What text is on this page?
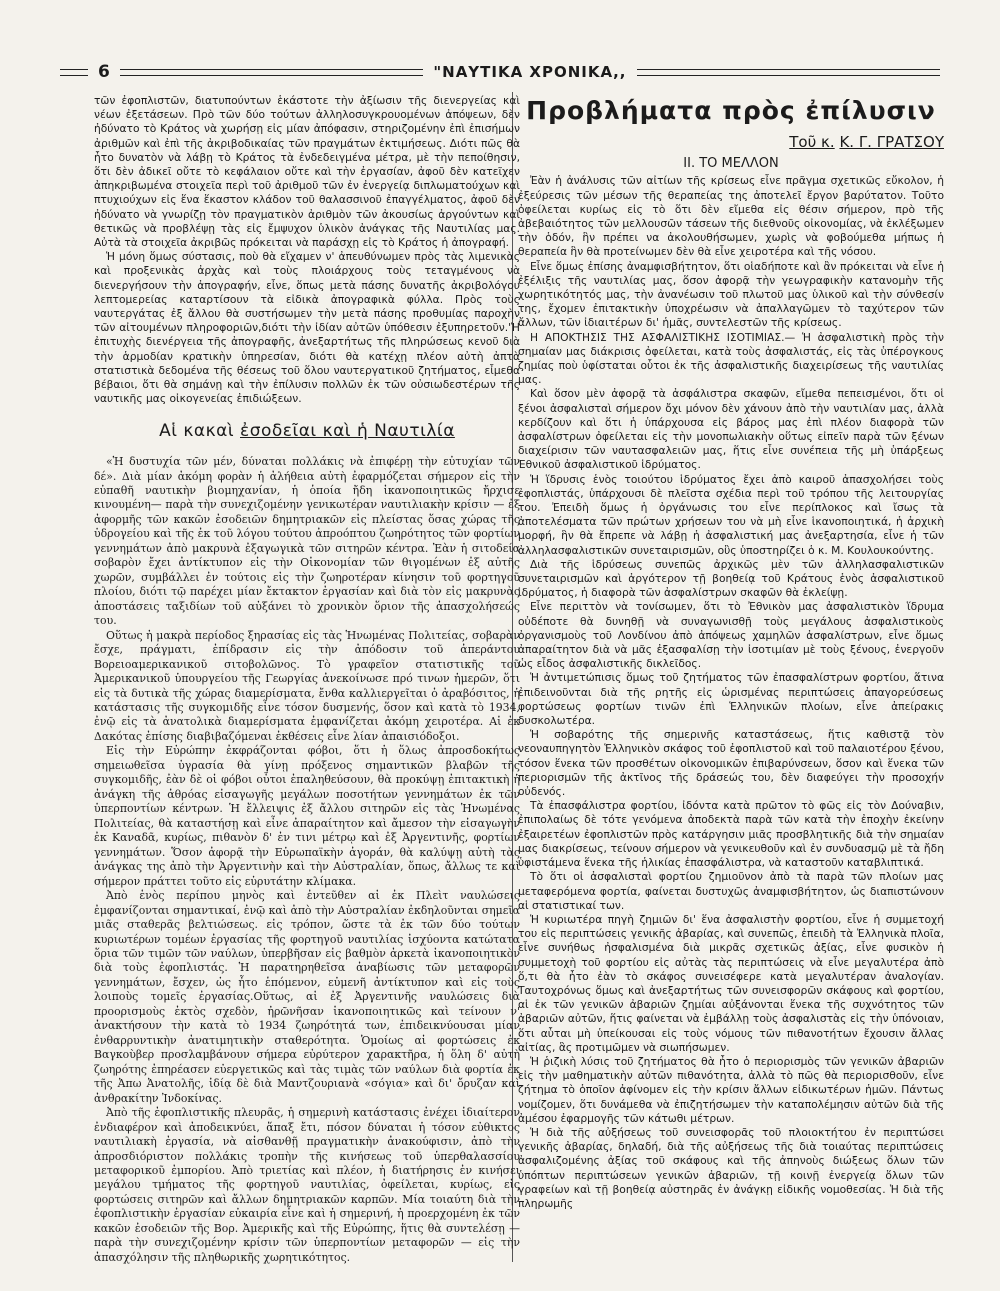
6	"ΝΑΥΤΙΚΑ ΧΡΟΝΙΚΑ,,

τῶν ἐφοπλιστῶν, διατυπούντων ἑκάστοτε τὴν ἀξίωσιν τῆς διενεργείας καὶ νέων ἐξετάσεων. Πρὸ τῶν δύο τούτων ἀλληλοσυγκρουομένων ἀπόψεων, δὲν ἠδύνατο τὸ Κράτος νὰ χωρήσῃ εἰς μίαν ἀπόφασιν, στηριζομένην ἐπὶ ἐπισήμων ἀριθμῶν καὶ ἐπὶ τῆς ἀκριβοδικαίας τῶν πραγμάτων ἐκτιμήσεως. Διότι πῶς θὰ ἦτο δυνατὸν νὰ λάβῃ τὸ Κράτος τὰ ἐνδεδειγμένα μέτρα, μὲ τὴν πεποίθησιν, ὅτι δὲν ἀδικεῖ οὔτε τὸ κεφάλαιον οὔτε καὶ τὴν ἐργασίαν, ἀφοῦ δὲν κατεῖχεν ἀπηκριβωμένα στοιχεῖα περὶ τοῦ ἀριθμοῦ τῶν ἐν ἐνεργείᾳ διπλωματούχων καὶ πτυχιούχων εἰς ἕνα ἕκαστον κλάδον τοῦ θαλασσινοῦ ἐπαγγέλματος, ἀφοῦ δὲν ἠδύνατο νὰ γνωρίζῃ τὸν πραγματικὸν ἀριθμὸν τῶν ἀκουσίως ἀργούντων καὶ θετικῶς νὰ προβλέψῃ τὰς εἰς ἔμψυχον ὑλικὸν ἀνάγκας τῆς Ναυτιλίας μας. Αὐτὰ τὰ στοιχεῖα ἀκριβῶς πρόκειται νὰ παράσχῃ εἰς τὸ Κράτος ἡ ἀπογραφή.

Ἡ μόνη ὅμως σύστασις, ποὺ θὰ εἴχαμεν ν' ἀπευθύνωμεν πρὸς τὰς λιμενικὰς καὶ προξενικὰς ἀρχὰς καὶ τοὺς πλοιάρχους τοὺς τεταγμένους νὰ διενεργήσουν τὴν ἀπογραφήν, εἶνε, ὅπως μετὰ πάσης δυνατῆς ἀκριβολόγου λεπτομερείας καταρτίσουν τὰ εἰδικὰ ἀπογραφικὰ φύλλα. Πρὸς τοὺς ναυτεργάτας ἐξ ἄλλου θὰ συστήσωμεν τὴν μετὰ πάσης προθυμίας παροχὴν τῶν αἰτουμένων πληροφοριῶν,διότι τὴν ἰδίαν αὐτῶν ὑπόθεσιν ἐξυπηρετοῦν.'Ἡ ἐπιτυχὴς διενέργεια τῆς ἀπογραφῆς, ἀνεξαρτήτως τῆς πληρώσεως κενοῦ διὰ τὴν ἁρμοδίαν κρατικὴν ὑπηρεσίαν, διότι θὰ κατέχῃ πλέον αὐτὴ ἀπτὰ στατιστικὰ δεδομένα τῆς θέσεως τοῦ ὅλου ναυτεργατικοῦ ζητήματος, εἶμεθα βέβαιοι, ὅτι θὰ σημάνῃ καὶ τὴν ἐπίλυσιν πολλῶν ἐκ τῶν οὐσιωδεστέρων τῆς ναυτικῆς μας οἰκογενείας ἐπιδιώξεων.

Αἱ κακαὶ ἐσοδεῖαι καὶ ἡ Ναυτιλία

«Ἡ δυστυχία τῶν μέν, δύναται πολλάκις νὰ ἐπιφέρῃ τὴν εὐτυχίαν τῶν δέ». Διὰ μίαν ἀκόμη φορὰν ἡ ἀλήθεια αὐτὴ ἐφαρμόζεται σήμερον εἰς τὴν εὐπαθῆ ναυτικὴν βιομηχανίαν, ἡ ὁποία ἤδη ἱκανοποιητικῶς ἤρχισε κινουμένη— παρὰ τὴν συνεχιζομένην γενικωτέραν ναυτιλιακὴν κρίσιν — ἐξ ἀφορμῆς τῶν κακῶν ἐσοδειῶν δημητριακῶν εἰς πλείστας ὅσας χώρας τῆς ὑδρογείου καὶ τῆς ἐκ τοῦ λόγου τούτου ἀπροόπτου ζωηρότητος τῶν φορτίων γεννημάτων ἀπὸ μακρυνὰ ἐξαγωγικὰ τῶν σιτηρῶν κέντρα. Ἐὰν ἡ σιτοδεία σοβαρὸν ἔχει ἀντίκτυπον εἰς τὴν Οἰκονομίαν τῶν θιγομένων ἐξ αὐτῆς χωρῶν, συμβάλλει ἐν τούτοις εἰς τὴν ζωηροτέραν κίνησιν τοῦ φορτηγοῦ πλοίου, διότι τῷ παρέχει μίαν ἔκτακτον ἐργασίαν καὶ διὰ τὸν εἰς μακρυνὰς ἀποστάσεις ταξιδίων τοῦ αὐξάνει τὸ χρονικὸν ὅριον τῆς ἀπασχολήσεώς του.

Οὕτως ἡ μακρὰ περίοδος ξηρασίας εἰς τὰς Ἡνωμένας Πολιτείας, σοβαρὰν ἔσχε, πράγματι, ἐπίδρασιν εἰς τὴν ἀπόδοσιν τοῦ ἀπεράντου Βορειοαμερικανικοῦ σιτοβολῶνος. Τὸ γραφεῖον στατιστικῆς τοῦ Ἀμερικανικοῦ ὑπουργείου τῆς Γεωργίας ἀνεκοίνωσε πρό τινων ἡμερῶν, ὅτι εἰς τὰ δυτικὰ τῆς χώρας διαμερίσματα, ἔνθα καλλιεργεῖται ὁ ἀραβόσιτος, ἡ κατάστασις τῆς συγκομιδῆς εἶνε τόσον δυσμενής, ὅσον καὶ κατὰ τὸ 1934, ἐνῷ εἰς τὰ ἀνατολικὰ διαμερίσματα ἐμφανίζεται ἀκόμη χειροτέρα. Αἱ ἐκ Δακότας ἐπίσης διαβιβαζόμεναι ἐκθέσεις εἶνε λίαν ἀπαισιόδοξοι.

Εἰς τὴν Εὐρώπην ἐκφράζονται φόβοι, ὅτι ἡ ὅλως ἀπροσδοκήτως σημειωθεῖσα ὑγρασία θὰ γίνῃ πρόξενος σημαντικῶν βλαβῶν τῆς συγκομιδῆς, ἐὰν δὲ οἱ φόβοι οὗτοι ἐπαληθεύσουν, θὰ προκύψῃ ἐπιτακτικὴ ἡ ἀνάγκη τῆς ἀθρόας εἰσαγωγῆς μεγάλων ποσοτήτων γεννημάτων ἐκ τῶν ὑπερποντίων κέντρων. Ἡ ἔλλειψις ἐξ ἄλλου σιτηρῶν εἰς τὰς Ἡνωμένας Πολιτείας, θὰ καταστήσῃ καὶ εἶνε ἀπαραίτητον καὶ ἄμεσον τὴν εἰσαγωγὴν ἐκ Καναδᾶ, κυρίως, πιθανὸν δ' ἐν τινι μέτρῳ καὶ ἐξ Ἀργεντινῆς, φορτίων γεννημάτων. Ὅσον ἀφορᾷ τὴν Εὐρωπαϊκὴν ἀγοράν, θὰ καλύψῃ αὐτὴ τὰς ἀνάγκας της ἀπὸ τὴν Ἀργεντινὴν καὶ τὴν Αὐστραλίαν, ὅπως, ἄλλως τε καὶ σήμερον πράττει τοῦτο εἰς εὐρυτάτην κλίμακα.

Ἀπὸ ἑνὸς περίπου μηνὸς καὶ ἐντεῦθεν αἱ ἐκ Πλεὶτ ναυλώσεις ἐμφανίζονται σημαντικαί, ἐνῷ καὶ ἀπὸ τὴν Αὐστραλίαν ἐκδηλοῦνται σημεῖα μιᾶς σταθερᾶς βελτιώσεως. εἰς τρόπον, ὥστε τὰ ἐκ τῶν δύο τούτων κυριωτέρων τομέων ἐργασίας τῆς φορτηγοῦ ναυτιλίας ἰσχύοντα κατώτατα ὅρια τῶν τιμῶν τῶν ναύλων, ὑπερβῆσαν εἰς βαθμὸν ἀρκετὰ ἱκανοποιητικὸν διὰ τοὺς ἐφοπλιστάς. Ἡ παρατηρηθεῖσα ἀναβίωσις τῶν μεταφορῶν γεννημάτων, ἔσχεν, ὡς ἦτο ἑπόμενον, εὐμενῆ ἀντίκτυπον καὶ εἰς τοὺς λοιποὺς τομεῖς ἐργασίας.Οὕτως, αἱ ἐξ Ἀργεντινῆς ναυλώσεις διὰ προορισμοὺς ἐκτὸς σχεδὸν, ἠρῶνῆσαν ἱκανοποιητικῶς καὶ τείνουν ν' ἀνακτήσουν τὴν κατὰ τὸ 1934 ζωηρότητά των, ἐπιδεικνύουσαι μίαν ἐνθαρρυντικὴν ἀνατιμητικὴν σταθερότητα. Ὁμοίως αἱ φορτώσεις ἐκ Βαγκοὺβερ προσλαμβάνουν σήμερα εὐρύτερον χαρακτῆρα, ἡ ὅλη δ' αὐτὴ ζωηρότης ἐπηρέασεν εὐεργετικῶς καὶ τὰς τιμὰς τῶν ναύλων διὰ φορτία ἐκ τῆς Ἀπω Ἀνατολῆς, ἰδίᾳ δὲ διὰ Μαντζουριανὰ «σόγια» καὶ δι' ὄρυζαν καὶ ἀνθρακίτην Ἰνδοκίνας.

Ἀπὸ τῆς ἐφοπλιστικῆς πλευρᾶς, ἡ σημερινὴ κατάστασις ἐνέχει ἰδιαίτερον ἐνδιαφέρον καὶ ἀποδεικνύει, ἅπαξ ἔτι, πόσον δύναται ἡ τόσον εὐθικτος ναυτιλιακὴ ἐργασία, νὰ αἰσθανθῇ πραγματικὴν ἀνακούφισιν, ἀπὸ τὴν ἀπροσδιόριστον πολλάκις τροπὴν τῆς κινήσεως τοῦ ὑπερθαλασσίου μεταφορικοῦ ἐμπορίου. Ἀπὸ τριετίας καὶ πλέον, ἡ διατήρησις ἐν κινήσει μεγάλου τμήματος τῆς φορτηγοῦ ναυτιλίας, ὀφείλεται, κυρίως, εἰς φορτώσεις σιτηρῶν καὶ ἄλλων δημητριακῶν καρπῶν. Μία τοιαύτη διὰ τὴν ἐφοπλιστικὴν ἐργασίαν εὐκαιρία εἶνε καὶ ἡ σημερινή, ἡ προερχομένη ἐκ τῶν κακῶν ἐσοδειῶν τῆς Βορ. Ἀμερικῆς καὶ τῆς Εὐρώπης, ἥτις θὰ συντελέσῃ — παρὰ τὴν συνεχιζομένην κρίσιν τῶν ὑπερποντίων μεταφορῶν — εἰς τὴν ἀπασχόλησιν τῆς πληθωρικῆς χωρητικότητος.

Προβλήματα πρὸς ἐπίλυσιν
Τοῦ κ. Κ. Γ. ΓΡΑΤΣΟΥ
ΙΙ. ΤΟ ΜΕΛΛΟΝ

Ἐὰν ἡ ἀνάλυσις τῶν αἰτίων τῆς κρίσεως εἶνε πρᾶγμα σχετικῶς εὔκολον, ἡ ἐξεύρεσις τῶν μέσων τῆς θεραπείας της ἀποτελεῖ ἔργον βαρύτατον. Τοῦτο ὀφείλεται κυρίως εἰς τὸ ὅτι δὲν εἴμεθα εἰς θέσιν σήμερον, πρὸ τῆς ἀβεβαιότητος τῶν μελλουσῶν τάσεων τῆς διεθνοῦς οἰκονομίας, νὰ ἐκλέξωμεν τὴν ὁδόν, ἣν πρέπει να ἀκολουθήσωμεν, χωρὶς νὰ φοβούμεθα μήπως ἡ θεραπεία ἣν θὰ προτείνωμεν δὲν θὰ εἶνε χειροτέρα καὶ τῆς νόσου.

Εἶνε ὅμως ἐπίσης ἀναμφισβήτητον, ὅτι οἱαδήποτε καὶ ἂν πρόκειται νὰ εἶνε ἡ ἐξέλιξις τῆς ναυτιλίας μας, ὅσον ἀφορᾷ τὴν γεωγραφικὴν κατανομὴν τῆς χωρητικότητός μας, τὴν ἀνανέωσιν τοῦ πλωτοῦ μας ὑλικοῦ καὶ τὴν σύνθεσίν της, ἔχομεν ἐπιτακτικὴν ὑποχρέωσιν νὰ ἀπαλλαγῶμεν τὸ ταχύτερον τῶν ἄλλων, τῶν ἰδιαιτέρων δι' ἡμᾶς, συντελεστῶν τῆς κρίσεως.

Η ΑΠΟΚΤΗΣΙΣ ΤΗΣ ΑΣΦΑΛΙΣΤΙΚΗΣ ΙΣΟΤΙΜΙΑΣ.— Ἡ ἀσφαλιστικὴ πρὸς τὴν σημαίαν μας διάκρισις ὀφείλεται, κατὰ τοὺς ἀσφαλιστάς, εἰς τὰς ὑπέρογκους ζημίας ποὺ ὑφίσταται οὗτοι ἐκ τῆς ἀσφαλιστικῆς διαχειρίσεως τῆς ναυτιλίας μας.

Καὶ ὅσον μὲν ἀφορᾷ τὰ ἀσφάλιστρα σκαφῶν, εἴμεθα πεπεισμένοι, ὅτι οἱ ξένοι ἀσφαλισταὶ σήμερον ὄχι μόνον δὲν χάνουν ἀπὸ τὴν ναυτιλίαν μας, ἀλλὰ κερδίζουν καὶ ὅτι ἡ ὑπάρχουσα εἰς βάρος μας ἐπὶ πλέον διαφορὰ τῶν ἀσφαλίστρων ὀφείλεται εἰς τὴν μονοπωλιακὴν οὕτως εἰπεῖν παρὰ τῶν ξένων διαχείρισιν τῶν ναυτασφαλειῶν μας, ἥτις εἶνε συνέπεια τῆς μὴ ὑπάρξεως Ἐθνικοῦ ἀσφαλιστικοῦ ἱδρύματος.

Ἡ ἵδρυσις ἑνὸς τοιούτου ἱδρύματος ἔχει ἀπὸ καιροῦ ἀπασχολήσει τοὺς ἐφοπλιστάς, ὑπάρχουσι δὲ πλεῖστα σχέδια περὶ τοῦ τρόπου τῆς λειτουργίας του. Ἐπειδὴ ὅμως ἡ ὀργάνωσις του εἶνε περίπλοκος καὶ ἴσως τὰ ἀποτελέσματα τῶν πρώτων χρήσεων του νὰ μὴ εἶνε ἱκανοποιητικά, ἡ ἀρχικὴ μορφή, ἣν θὰ ἔπρεπε νὰ λάβῃ ἡ ἀσφαλιστική μας ἀνεξαρτησία, εἶνε ἡ τῶν ἀλληλασφαλιστικῶν συνεταιρισμῶν, οὓς ὑποστηρίζει ὁ κ. Μ. Κουλουκούντης.

Διὰ τῆς ἱδρύσεως συνεπῶς ἀρχικῶς μὲν τῶν ἀλληλασφαλιστικῶν συνεταιρισμῶν καὶ ἀργότερον τῇ βοηθείᾳ τοῦ Κράτους ἑνὸς ἀσφαλιστικοῦ ἱδρύματος, ἡ διαφορὰ τῶν ἀσφαλίστρων σκαφῶν θὰ ἐκλείψῃ.

Εἶνε περιττὸν νὰ τονίσωμεν, ὅτι τὸ Ἐθνικὸν μας ἀσφαλιστικὸν ἵδρυμα οὐδέποτε θὰ δυνηθῇ νὰ συναγωνισθῇ τοὺς μεγάλους ἀσφαλιστικοὺς ὀργανισμοὺς τοῦ Λονδίνου ἀπὸ ἀπόψεως χαμηλῶν ἀσφαλίστρων, εἶνε ὅμως ἀπαραίτητον διὰ νὰ μᾶς ἐξασφαλίσῃ τὴν ἰσοτιμίαν μὲ τοὺς ξένους, ἐνεργοῦν ὡς εἶδος ἀσφαλιστικῆς δικλεῖδος.

Ἡ ἀντιμετώπισις ὅμως τοῦ ζητήματος τῶν ἐπασφαλίστρων φορτίου, ἅτινα ἐπιδεινοῦνται διὰ τῆς ρητῆς εἰς ὡρισμένας περιπτώσεις ἀπαγορεύσεως φορτώσεως φορτίων τινῶν ἐπὶ Ἑλληνικῶν πλοίων, εἶνε ἀπείρακις δυσκολωτέρα.

Ἡ σοβαρότης τῆς σημερινῆς καταστάσεως, ἥτις καθιστᾷ τὸν νεοναυπηγητὸν Ἑλληνικὸν σκάφος τοῦ ἐφοπλιστοῦ καὶ τοῦ παλαιοτέρου ξένου, τόσον ἕνεκα τῶν προσθέτων οἰκονομικῶν ἐπιβαρύνσεων, ὅσον καὶ ἕνεκα τῶν περιορισμῶν τῆς ἀκτῖνος τῆς δράσεώς του, δὲν διαφεύγει τὴν προσοχήν οὐδενός.

Τὰ ἐπασφάλιστρα φορτίου, ἰδόντα κατὰ πρῶτον τὸ φῶς εἰς τὸν Δούναβιν, ἐπιπολαίως δὲ τότε γενόμενα ἀποδεκτὰ παρὰ τῶν κατὰ τὴν ἐποχὴν ἐκείνην ἐξαιρετέων ἐφοπλιστῶν πρὸς κατάργησιν μιᾶς προσβλητικῆς διὰ τὴν σημαίαν μας διακρίσεως, τείνουν σήμερον νὰ γενικευθοῦν καὶ ἐν συνδυασμῷ μὲ τὰ ἤδη ὑφιστάμενα ἕνεκα τῆς ἡλικίας ἐπασφάλιστρα, νὰ καταστοῦν καταβλιπτικά.

Τὸ ὅτι οἱ ἀσφαλισταὶ φορτίου ζημιοῦνον ἀπὸ τὰ παρὰ τῶν πλοίων μας μεταφερόμενα φορτία, φαίνεται δυστυχῶς ἀναμφισβήτητον, ὡς διαπιστώνουν αἱ στατιστικαί των.

Ἡ κυριωτέρα πηγὴ ζημιῶν δι' ἕνα ἀσφαλιστὴν φορτίου, εἶνε ἡ συμμετοχή του εἰς περιπτώσεις γενικῆς ἀβαρίας, καὶ συνεπῶς, ἐπειδὴ τὰ Ἑλληνικὰ πλοῖα, εἶνε συνήθως ἠσφαλισμένα διὰ μικρᾶς σχετικῶς ἀξίας, εἶνε φυσικὸν ἡ συμμετοχὴ τοῦ φορτίου εἰς αὐτὰς τὰς περιπτώσεις νὰ εἶνε μεγαλυτέρα ἀπὸ ὅ,τι θὰ ἦτο ἐὰν τὸ σκάφος συνεισέφερε κατὰ μεγαλυτέραν ἀναλογίαν. Ταυτοχρόνως ὅμως καὶ ἀνεξαρτήτως τῶν συνεισφορῶν σκάφους καὶ φορτίου, αἱ ἐκ τῶν γενικῶν ἀβαριῶν ζημίαι αὐξάνονται ἕνεκα τῆς συχνότητος τῶν ἀβαριῶν αὐτῶν, ἥτις φαίνεται νὰ ἐμβάλλῃ τοὺς ἀσφαλιστὰς εἰς τὴν ὑπόνοιαν, ὅτι αὗται μὴ ὑπείκουσαι εἰς τοὺς νόμους τῶν πιθανοτήτων ἔχουσιν ἄλλας αἰτίας, ἃς προτιμῶμεν νὰ σιωπήσωμεν.

Ἡ ῥιζικὴ λύσις τοῦ ζητήματος θὰ ἦτο ὁ περιορισμὸς τῶν γενικῶν ἀβαριῶν εἰς τὴν μαθηματικὴν αὐτῶν πιθανότητα, ἀλλὰ τὸ πῶς θὰ περιορισθοῦν, εἶνε ζήτημα τὸ ὁποῖον ἀφίνομεν εἰς τὴν κρίσιν ἄλλων εἰδικωτέρων ἡμῶν. Πάντως νομίζομεν, ὅτι δυνάμεθα νὰ ἐπιζητήσωμεν τὴν καταπολέμησιν αὐτῶν διὰ τῆς ἀμέσου ἐφαρμογῆς τῶν κάτωθι μέτρων.

Ἡ διὰ τῆς αὐξήσεως τοῦ συνεισφορᾶς τοῦ πλοιοκτήτου ἐν περιπτώσει γενικῆς ἀβαρίας, δηλαδή, διὰ τῆς αὐξήσεως τῆς διὰ τοιαύτας περιπτώσεις ἀσφαλιζομένης ἀξίας τοῦ σκάφους καὶ τῆς ἀπηνοὺς διώξεως ὅλων τῶν ὑπόπτων περιπτώσεων γενικῶν ἀβαριῶν, τῇ κοινῇ ἐνεργείᾳ ὅλων τῶν γραφείων καὶ τῇ βοηθείᾳ αὐστηρᾶς ἐν ἀνάγκῃ εἰδικῆς νομοθεσίας. Ἡ διὰ τῆς πληρωμῆς
